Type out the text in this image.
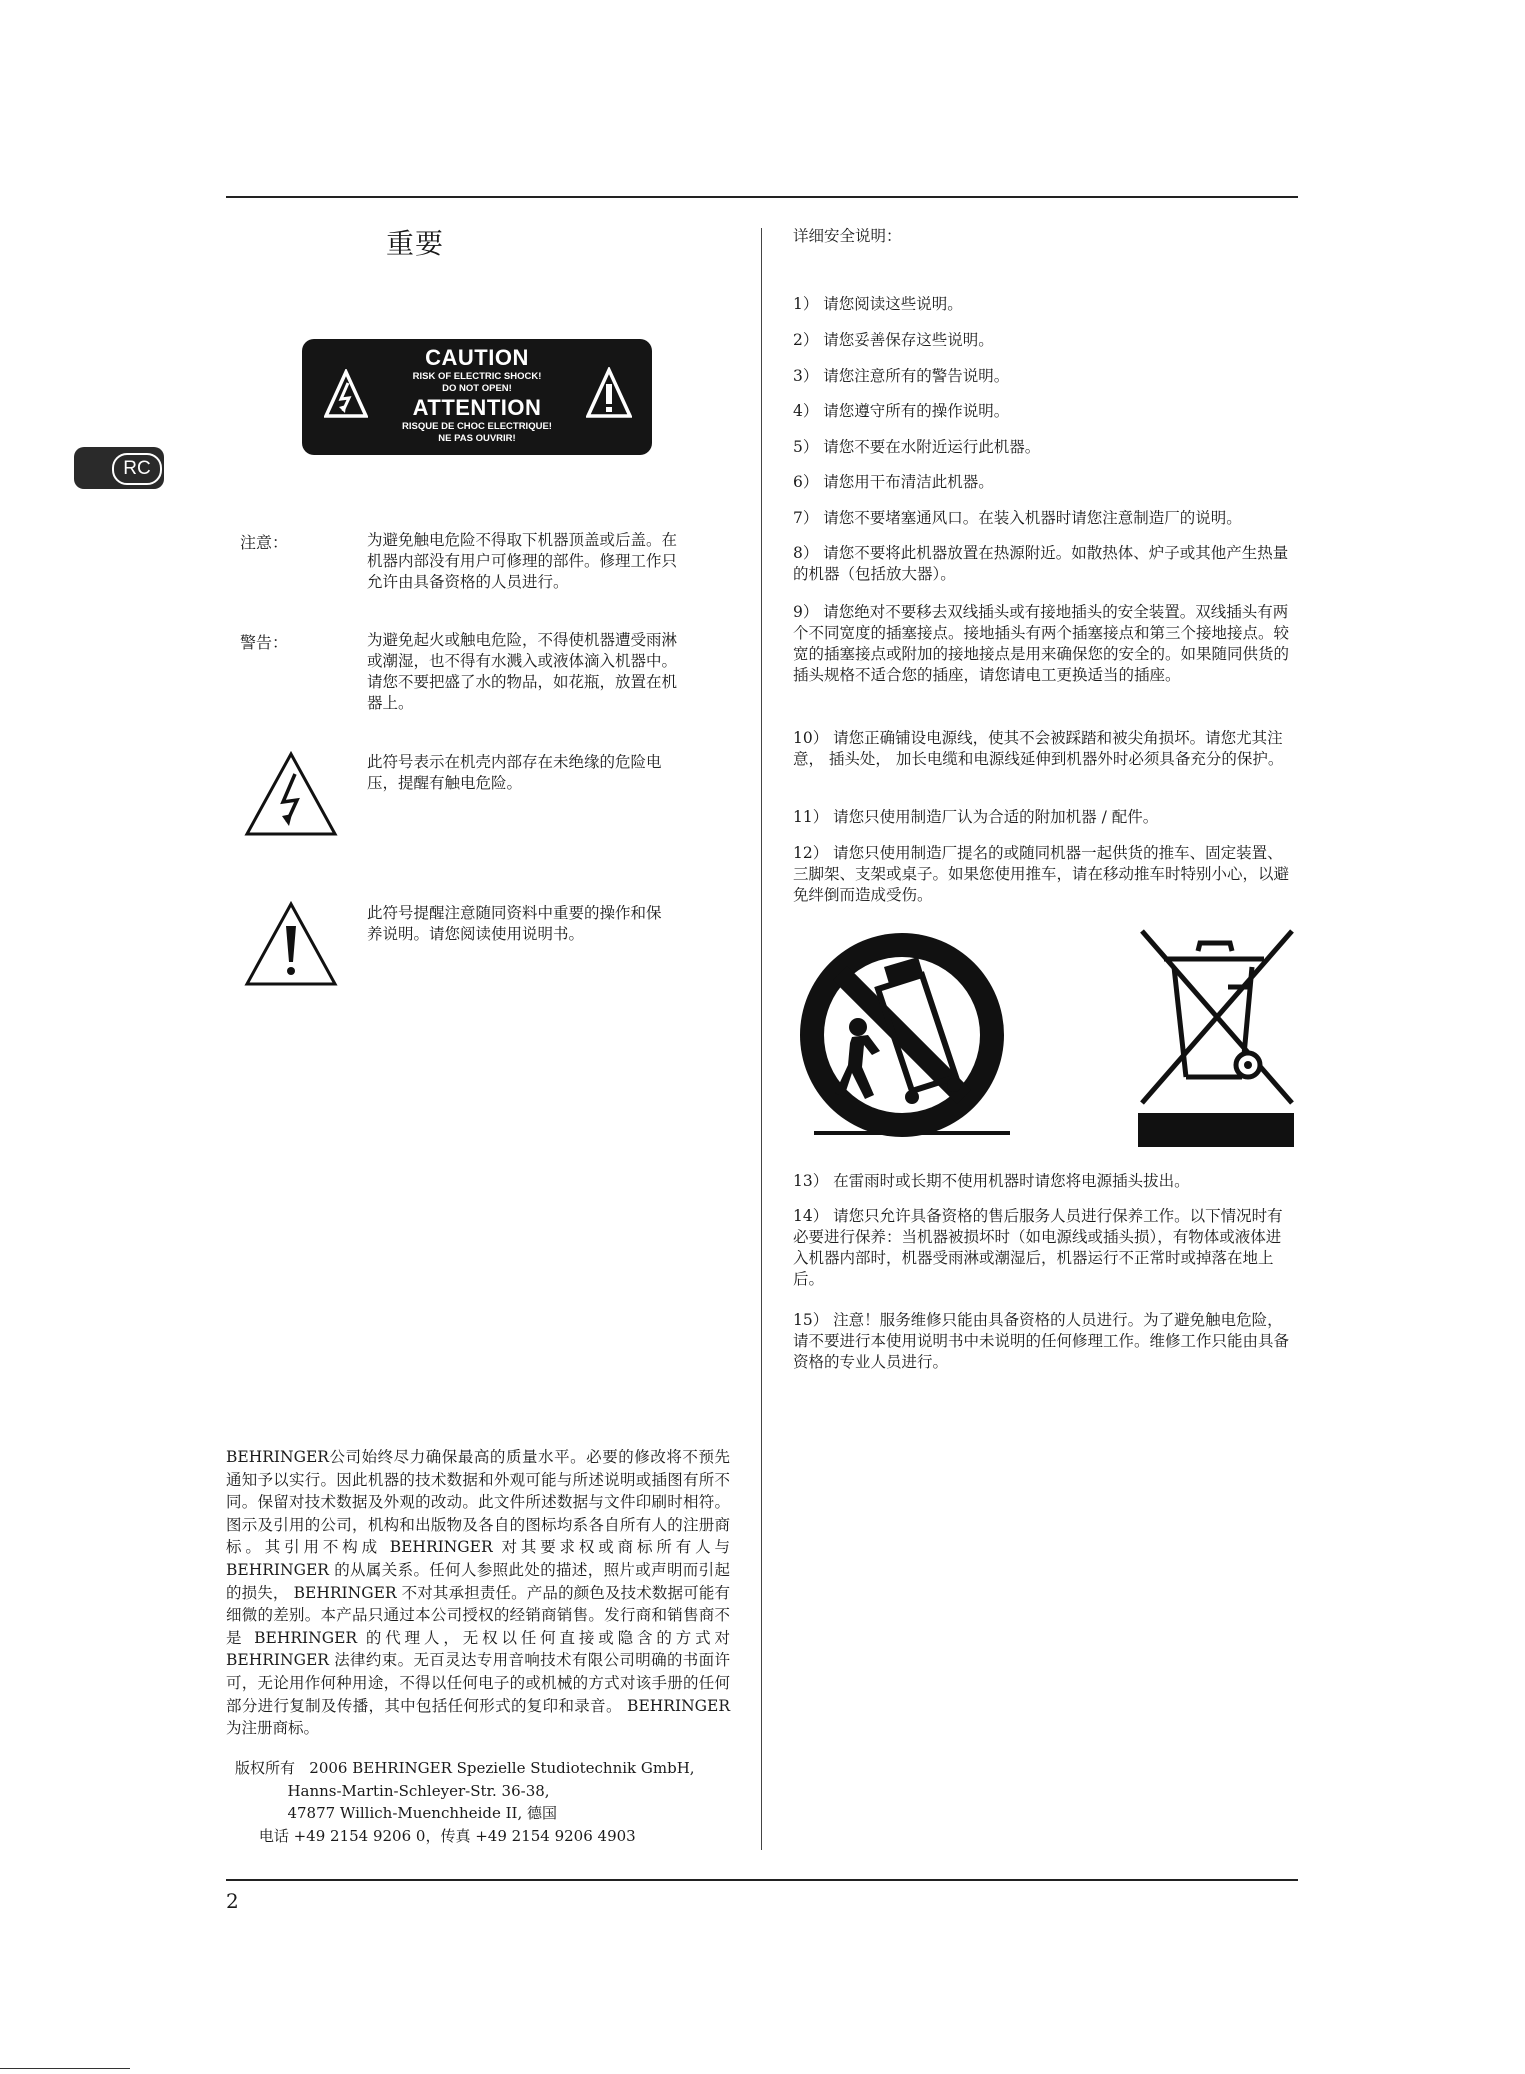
重要
RC
CAUTION
RISK OF ELECTRIC SHOCK!
DO NOT OPEN!
ATTENTION
RISQUE DE CHOC ELECTRIQUE!
NE PAS OUVRIR!
注意：	为避免触电危险不得取下机器顶盖或后盖。在
机器内部没有用户可修理的部件。修理工作只
允许由具备资格的人员进行。
警告：	为避免起火或触电危险，不得使机器遭受雨淋
或潮湿，也不得有水溅入或液体滴入机器中。
请您不要把盛了水的物品，如花瓶，放置在机
器上。
此符号表示在机壳内部存在未绝缘的危险电
压，提醒有触电危险。
此符号提醒注意随同资料中重要的操作和保
养说明。请您阅读使用说明书。
详细安全说明：
1） 请您阅读这些说明。
2） 请您妥善保存这些说明。
3） 请您注意所有的警告说明。
4） 请您遵守所有的操作说明。
5） 请您不要在水附近运行此机器。
6） 请您用干布清洁此机器。
7） 请您不要堵塞通风口。在装入机器时请您注意制造厂的说明。
8） 请您不要将此机器放置在热源附近。如散热体、炉子或其他产生热量的机器（包括放大器）。
9） 请您绝对不要移去双线插头或有接地插头的安全装置。双线插头有两个不同宽度的插塞接点。接地插头有两个插塞接点和第三个接地接点。较宽的插塞接点或附加的接地接点是用来确保您的安全的。如果随同供货的插头规格不适合您的插座，请您请电工更换适当的插座。
10） 请您正确铺设电源线，使其不会被踩踏和被尖角损坏。请您尤其注意， 插头处， 加长电缆和电源线延伸到机器外时必须具备充分的保护。
11） 请您只使用制造厂认为合适的附加机器 / 配件。
12） 请您只使用制造厂提名的或随同机器一起供货的推车、固定装置、三脚架、支架或桌子。如果您使用推车，请在移动推车时特别小心，以避免绊倒而造成受伤。
13） 在雷雨时或长期不使用机器时请您将电源插头拔出。
14） 请您只允许具备资格的售后服务人员进行保养工作。以下情况时有必要进行保养：当机器被损坏时（如电源线或插头损），有物体或液体进入机器内部时，机器受雨淋或潮湿后，机器运行不正常时或掉落在地上后。
15） 注意！服务维修只能由具备资格的人员进行。为了避免触电危险，请不要进行本使用说明书中未说明的任何修理工作。维修工作只能由具备资格的专业人员进行。
BEHRINGER公司始终尽力确保最高的质量水平。必要的修改将不预先通知予以实行。因此机器的技术数据和外观可能与所述说明或插图有所不同。保留对技术数据及外观的改动。此文件所述数据与文件印刷时相符。图示及引用的公司，机构和出版物及各自的图标均系各自所有人的注册商标。其引用不构成 BEHRINGER 对其要求权或商标所有人与 BEHRINGER 的从属关系。任何人参照此处的描述，照片或声明而引起的损失， BEHRINGER 不对其承担责任。产品的颜色及技术数据可能有细微的差别。本产品只通过本公司授权的经销商销售。发行商和销售商不是 BEHRINGER 的代理人，无权以任何直接或隐含的方式对 BEHRINGER 法律约束。无百灵达专用音响技术有限公司明确的书面许可，无论用作何种用途，不得以任何电子的或机械的方式对该手册的任何部分进行复制及传播，其中包括任何形式的复印和录音。 BEHRINGER 为注册商标。
版权所有   2006 BEHRINGER Spezielle Studiotechnik GmbH,
Hanns-Martin-Schleyer-Str. 36-38,
47877 Willich-Muenchheide II, 德国
电话 +49 2154 9206 0，传真 +49 2154 9206 4903
2
